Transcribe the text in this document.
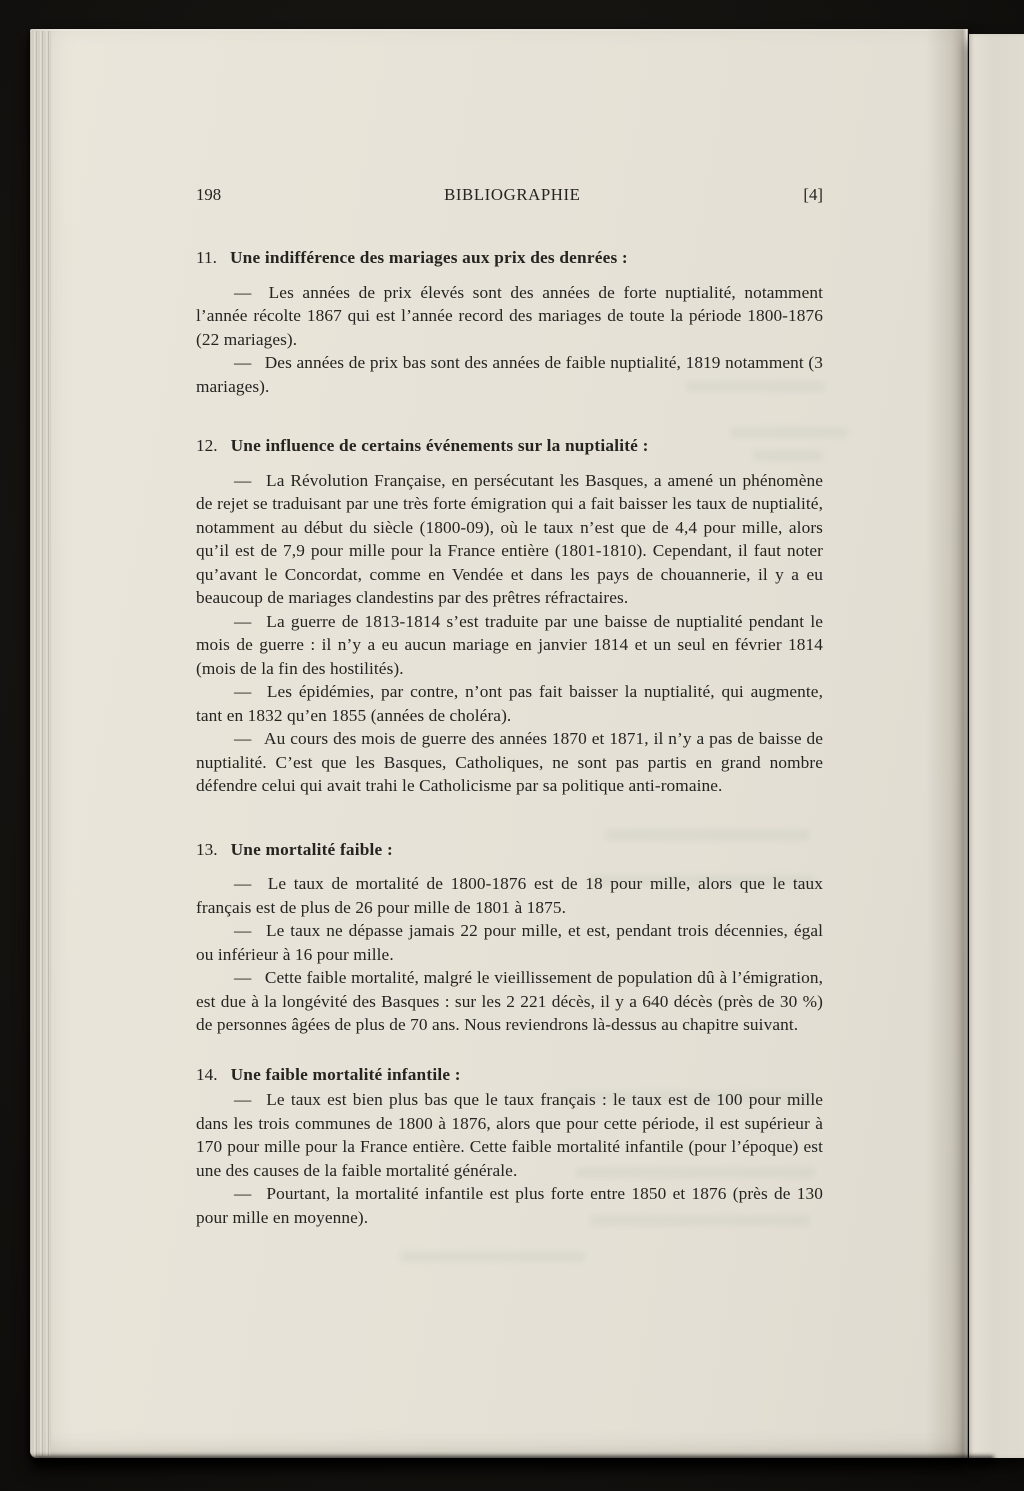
198	BIBLIOGRAPHIE	[4]
11. Une indifférence des mariages aux prix des denrées :

—  Les années de prix élevés sont des années de forte nuptialité, notamment l’année récolte 1867 qui est l’année record des mariages de toute la période 1800-1876 (22 mariages).

—  Des années de prix bas sont des années de faible nuptialité, 1819 notamment (3 mariages).

12. Une influence de certains événements sur la nuptialité :

—  La Révolution Française, en persécutant les Basques, a amené un phénomène de rejet se traduisant par une très forte émigration qui a fait baisser les taux de nuptialité, notamment au début du siècle (1800-09), où le taux n’est que de 4,4 pour mille, alors qu’il est de 7,9 pour mille pour la France entière (1801-1810). Cependant, il faut noter qu’avant le Concordat, comme en Vendée et dans les pays de chouannerie, il y a eu beaucoup de mariages clandestins par des prêtres réfractaires.

—  La guerre de 1813-1814 s’est traduite par une baisse de nuptialité pendant le mois de guerre : il n’y a eu aucun mariage en janvier 1814 et un seul en février 1814 (mois de la fin des hostilités).

—  Les épidémies, par contre, n’ont pas fait baisser la nuptialité, qui augmente, tant en 1832 qu’en 1855 (années de choléra).

—  Au cours des mois de guerre des années 1870 et 1871, il n’y a pas de baisse de nuptialité. C’est que les Basques, Catholiques, ne sont pas partis en grand nombre défendre celui qui avait trahi le Catholicisme par sa politique anti-romaine.

13. Une mortalité faible :

—  Le taux de mortalité de 1800-1876 est de 18 pour mille, alors que le taux français est de plus de 26 pour mille de 1801 à 1875.

—  Le taux ne dépasse jamais 22 pour mille, et est, pendant trois décennies, égal ou inférieur à 16 pour mille.

—  Cette faible mortalité, malgré le vieillissement de population dû à l’émigration, est due à la longévité des Basques : sur les 2 221 décès, il y a 640 décès (près de 30 %) de personnes âgées de plus de 70 ans. Nous reviendrons là-dessus au chapitre suivant.

14. Une faible mortalité infantile :

—  Le taux est bien plus bas que le taux français : le taux est de 100 pour mille dans les trois communes de 1800 à 1876, alors que pour cette période, il est supérieur à 170 pour mille pour la France entière. Cette faible mortalité infantile (pour l’époque) est une des causes de la faible mortalité générale.

—  Pourtant, la mortalité infantile est plus forte entre 1850 et 1876 (près de 130 pour mille en moyenne).
